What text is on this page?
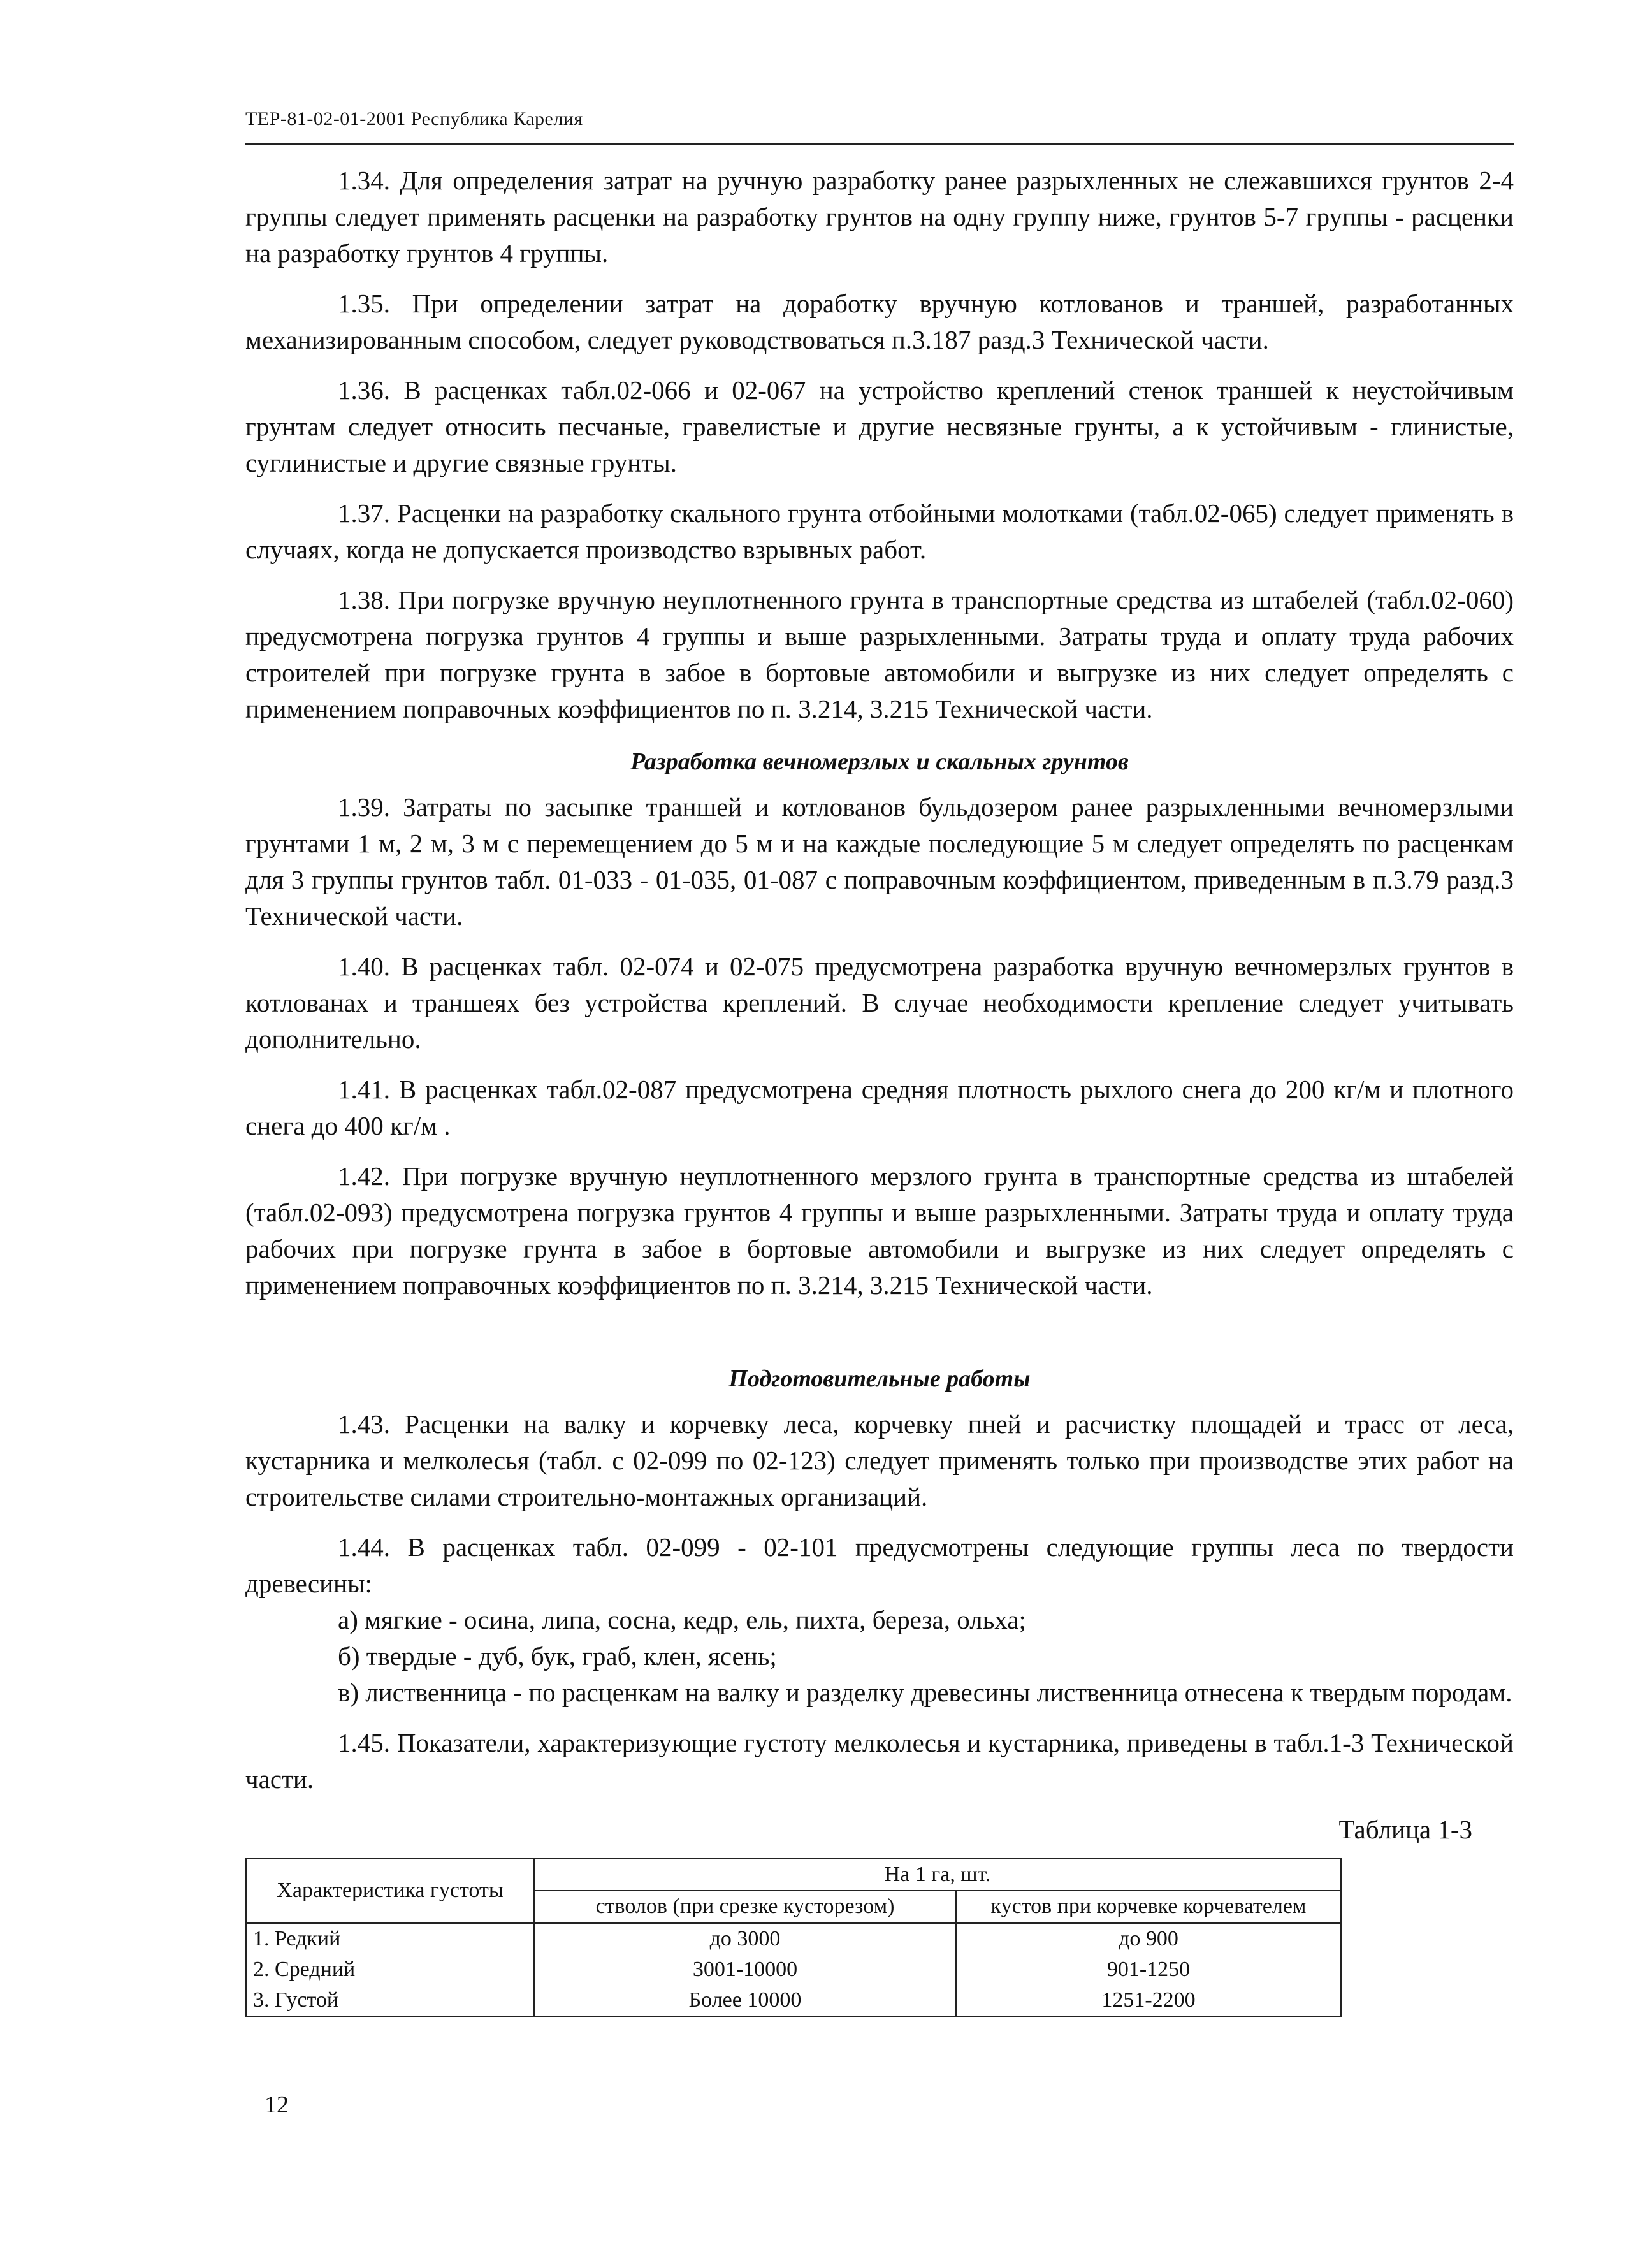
ТЕР-81-02-01-2001 Республика Карелия

1.34. Для определения затрат на ручную разработку ранее разрыхленных не слежавшихся грунтов 2-4 группы следует применять расценки на разработку грунтов на одну группу ниже, грунтов 5-7 группы - расценки на разработку грунтов 4 группы.

1.35. При определении затрат на доработку вручную котлованов и траншей, разработанных механизированным способом, следует руководствоваться п.3.187 разд.3 Технической части.

1.36. В расценках табл.02-066 и 02-067 на устройство креплений стенок траншей к неустойчивым грунтам следует относить песчаные, гравелистые и другие несвязные грунты, а к устойчивым - глинистые, суглинистые и другие связные грунты.

1.37. Расценки на разработку скального грунта отбойными молотками (табл.02-065) следует применять в случаях, когда не допускается производство взрывных работ.

1.38. При погрузке вручную неуплотненного грунта в транспортные средства из штабелей (табл.02-060) предусмотрена погрузка грунтов 4 группы и выше разрыхленными. Затраты труда и оплату труда рабочих строителей при погрузке грунта в забое в бортовые автомобили и выгрузке из них следует определять с применением поправочных коэффициентов по п. 3.214, 3.215 Технической части.

Разработка вечномерзлых и скальных грунтов

1.39. Затраты по засыпке траншей и котлованов бульдозером ранее разрыхленными вечномерзлыми грунтами 1 м, 2 м, 3 м с перемещением до 5 м и на каждые последующие 5 м следует определять по расценкам для 3 группы грунтов табл. 01-033 - 01-035, 01-087 с поправочным коэффициентом, приведенным в п.3.79 разд.3 Технической части.

1.40. В расценках табл. 02-074 и 02-075 предусмотрена разработка вручную вечномерзлых грунтов в котлованах и траншеях без устройства креплений. В случае необходимости крепление следует учитывать дополнительно.

1.41. В расценках табл.02-087 предусмотрена средняя плотность рыхлого снега до 200 кг/м и плотного снега до 400 кг/м .

1.42. При погрузке вручную неуплотненного мерзлого грунта в транспортные средства из штабелей (табл.02-093) предусмотрена погрузка грунтов 4 группы и выше разрыхленными. Затраты труда и оплату труда рабочих при погрузке грунта в забое в бортовые автомобили и выгрузке из них следует определять с применением поправочных коэффициентов по п. 3.214, 3.215 Технической части.

Подготовительные работы

1.43. Расценки на валку и корчевку леса, корчевку пней и расчистку площадей и трасс от леса, кустарника и мелколесья (табл. с 02-099 по 02-123) следует применять только при производстве этих работ на строительстве силами строительно-монтажных организаций.

1.44. В расценках табл. 02-099 - 02-101 предусмотрены следующие группы леса по твердости древесины:

а) мягкие - осина, липа, сосна, кедр, ель, пихта, береза, ольха;

б) твердые - дуб, бук, граб, клен, ясень;

в) лиственница - по расценкам на валку и разделку древесины лиственница отнесена к твердым породам.

1.45. Показатели, характеризующие густоту мелколесья и кустарника, приведены в табл.1-3 Технической части.

Таблица 1-3
Характеристика густоты	На 1 га, шт.	
	стволов (при срезке кусторезом)	кустов при корчевке корчевателем
1. Редкий	до 3000	до 900
2. Средний	3001-10000	901-1250
3. Густой	Более 10000	1251-2200
12
